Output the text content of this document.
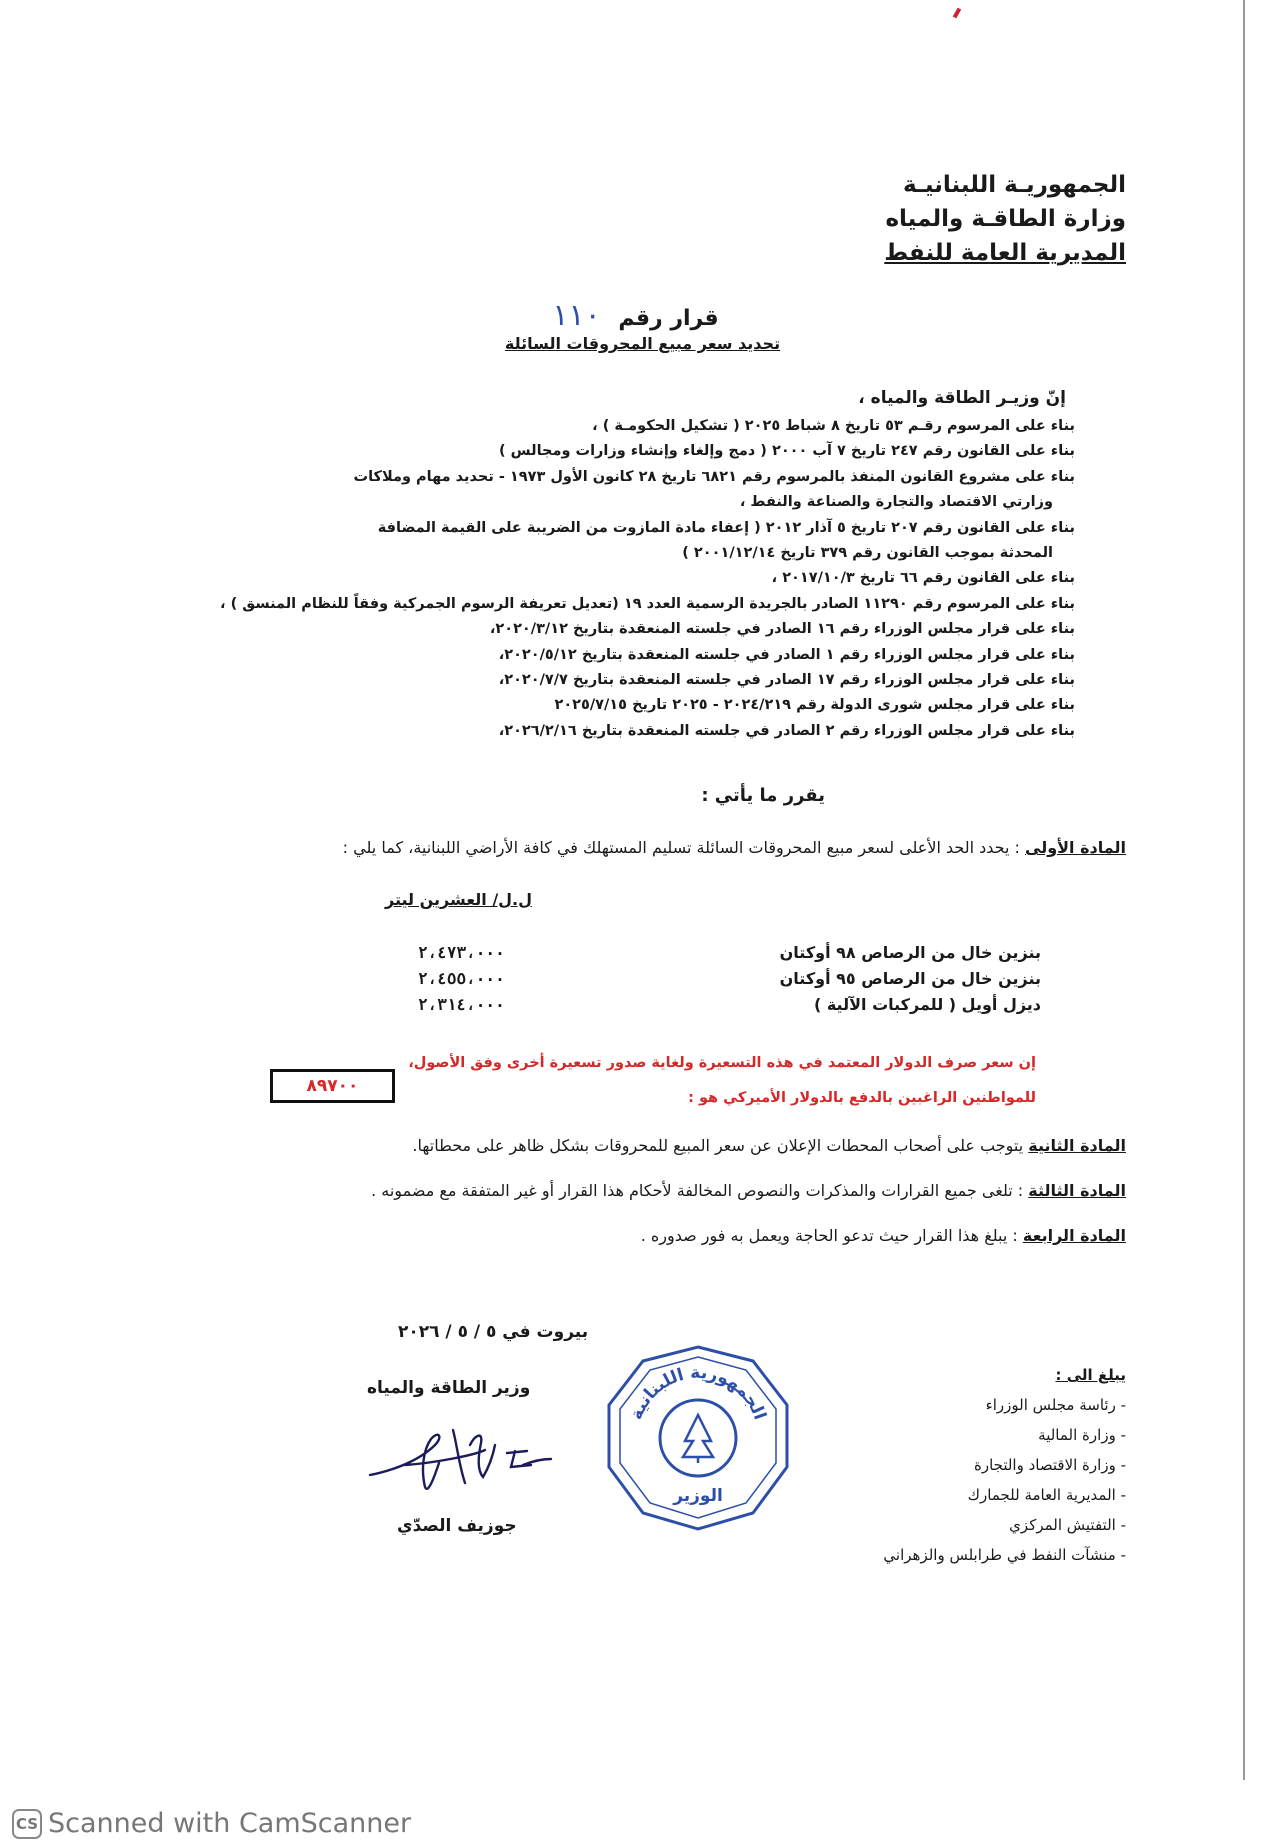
الجمهوريـة اللبنانيـة
وزارة الطاقـة والمياه
المديرية العامة للنفط
قرار رقم ١١٠
تحديد سعر مبيع المحروقات السائلة
إنّ وزيـر الطاقة والمياه ،
بناء على المرسوم رقـم ٥٣ تاريخ ٨ شباط ٢٠٢٥ ( تشكيل الحكومـة ) ،
بناء على القانون رقم ٢٤٧ تاريخ ٧ آب ٢٠٠٠ ( دمج وإلغاء وإنشاء وزارات ومجالس )
بناء على مشروع القانون المنفذ بالمرسوم رقم ٦٨٢١ تاريخ ٢٨ كانون الأول ١٩٧٣ - تحديد مهام وملاكات
وزارتي الاقتصاد والتجارة والصناعة والنفط ،
بناء على القانون رقم ٢٠٧ تاريخ ٥ آذار ٢٠١٢ ( إعفاء مادة المازوت من الضريبة على القيمة المضافة
المحدثة بموجب القانون رقم ٣٧٩ تاريخ ٢٠٠١/١٢/١٤ )
بناء على القانون رقم ٦٦ تاريخ ٢٠١٧/١٠/٣ ،
بناء على المرسوم رقم ١١٢٩٠ الصادر بالجريدة الرسمية العدد ١٩ (تعديل تعريفة الرسوم الجمركية وفقاً للنظام المنسق ) ،
بناء على قرار مجلس الوزراء رقم ١٦ الصادر في جلسته المنعقدة بتاريخ ٢٠٢٠/٣/١٢،
بناء على قرار مجلس الوزراء رقم ١ الصادر في جلسته المنعقدة بتاريخ ٢٠٢٠/٥/١٢،
بناء على قرار مجلس الوزراء رقم ١٧ الصادر في جلسته المنعقدة بتاريخ ٢٠٢٠/٧/٧،
بناء على قرار مجلس شورى الدولة رقم ٢٠٢٤/٢١٩ - ٢٠٢٥ تاريخ ٢٠٢٥/٧/١٥
بناء على قرار مجلس الوزراء رقم ٢ الصادر في جلسته المنعقدة بتاريخ ٢٠٢٦/٢/١٦،
يقرر ما يأتي :
المادة الأولى : يحدد الحد الأعلى لسعر مبيع المحروقات السائلة تسليم المستهلك في كافة الأراضي اللبنانية، كما يلي :
ل.ل/ العشرين ليتر
بنزين خال من الرصاص ٩٨ أوكتان
٢،٤٧٣،٠٠٠
بنزين خال من الرصاص ٩٥ أوكتان
٢،٤٥٥،٠٠٠
ديزل أويل ( للمركبات الآلية )
٢،٣١٤،٠٠٠
إن سعر صرف الدولار المعتمد في هذه التسعيرة ولغاية صدور تسعيرة أخرى وفق الأصول،
للمواطنين الراغبين بالدفع بالدولار الأميركي هو :
٨٩٧٠٠
المادة الثانية يتوجب على أصحاب المحطات الإعلان عن سعر المبيع للمحروقات بشكل ظاهر على محطاتها.
المادة الثالثة : تلغى جميع القرارات والمذكرات والنصوص المخالفة لأحكام هذا القرار أو غير المتفقة مع مضمونه .
المادة الرابعة : يبلغ هذا القرار حيث تدعو الحاجة ويعمل به فور صدوره .
بيروت في ٥ / ٥ / ٢٠٢٦
وزير الطاقة والمياه
جوزيف الصدّي
الجمهورية اللبنانية
الوزير
يبلغ الى :
- رئاسة مجلس الوزراء
- وزارة المالية
- وزارة الاقتصاد والتجارة
- المديرية العامة للجمارك
- التفتيش المركزي
- منشآت النفط في طرابلس والزهراني
CS Scanned with CamScanner
